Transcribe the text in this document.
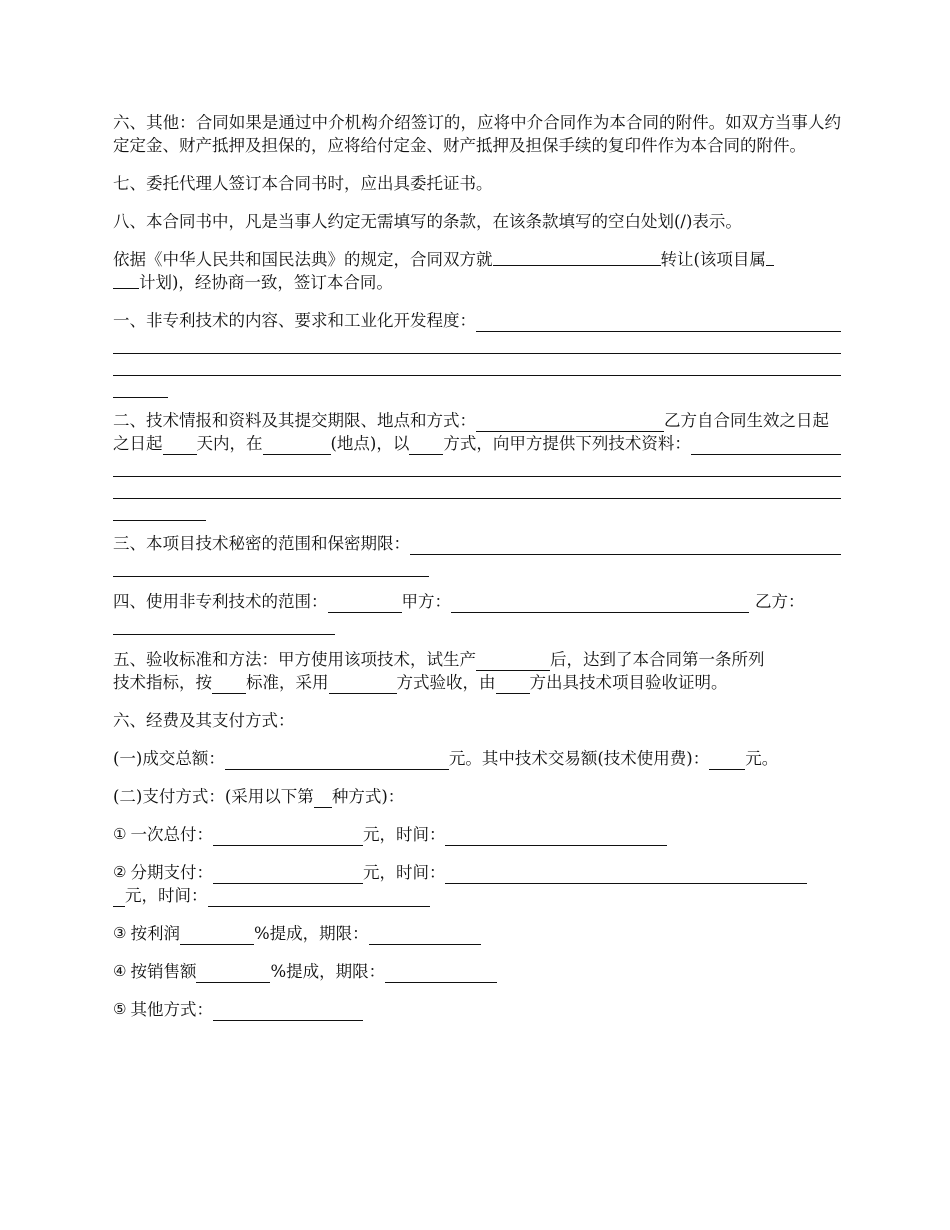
六、其他：合同如果是通过中介机构介绍签订的，应将中介合同作为本合同的附件。如双方当事人约定定金、财产抵押及担保的，应将给付定金、财产抵押及担保手续的复印件作为本合同的附件。

七、委托代理人签订本合同书时，应出具委托证书。

八、本合同书中，凡是当事人约定无需填写的条款，在该条款填写的空白处划(/)表示。

依据《中华人民共和国民法典》的规定，合同双方就	转让(该项目属
计划)，经协商一致，签订本合同。

一、非专利技术的内容、要求和工业化开发程度：
二、技术情报和资料及其提交期限、地点和方式：	乙方自合同生效之日起
之日起 天内，在	(地点)，以 方式，向甲方提供下列技术资料：
三、本项目技术秘密的范围和保密期限：
四、使用非专利技术的范围：	甲方：	乙方：
五、验收标准和方法：甲方使用该项技术，试生产	后，达到了本合同第一条所列
技术指标，按 标准，采用	方式验收，由 方出具技术项目验收证明。

六、经费及其支付方式：

(一)成交总额：	元。其中技术交易额(技术使用费)： 元。
(二)支付方式：(采用以下第 种方式)：
① 一次总付：	元，时间：
② 分期支付：	元，时间：
元，时间：
③ 按利润	%提成，期限：
④ 按销售额	%提成，期限：
⑤ 其他方式：
